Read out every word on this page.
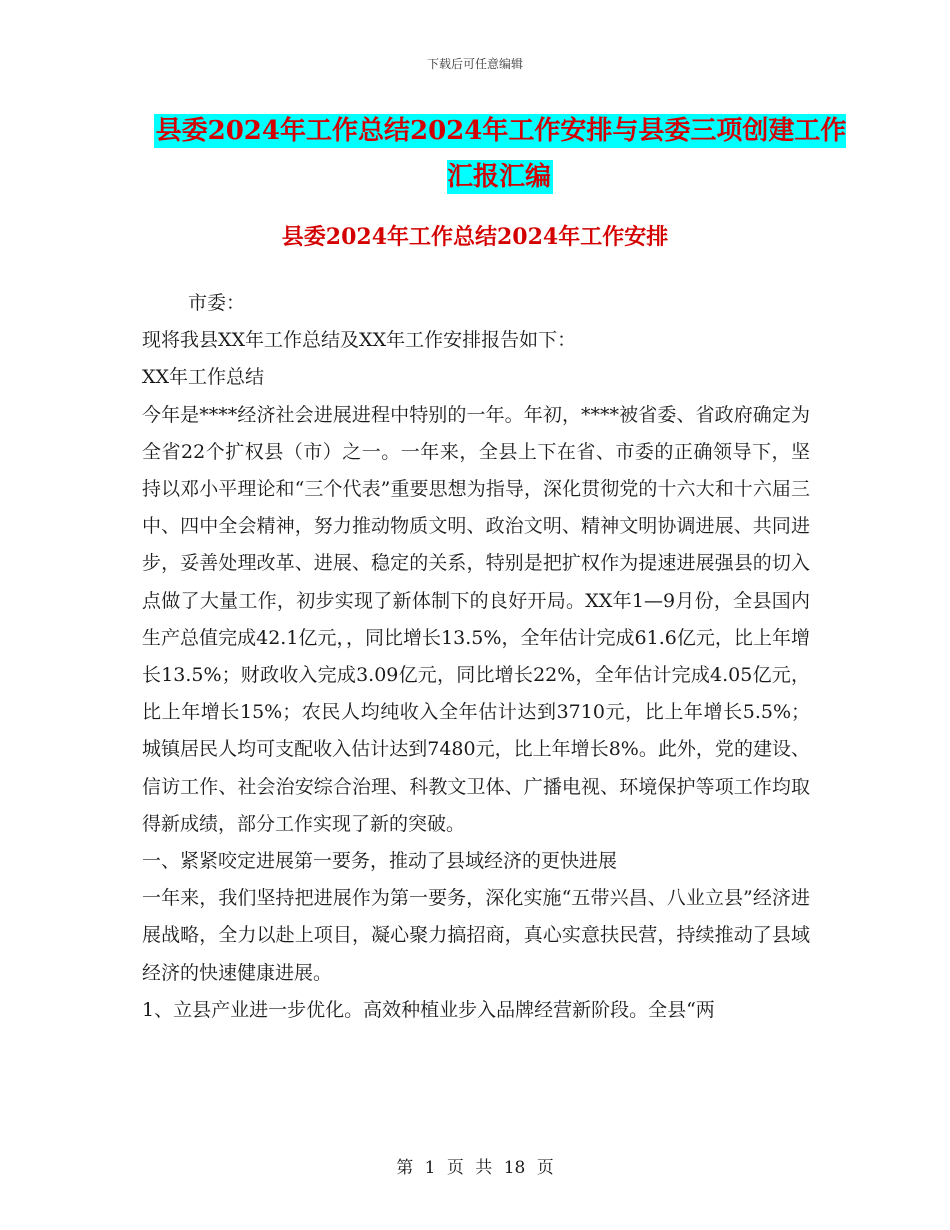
下载后可任意编辑

县委2024年工作总结2024年工作安排与县委三项创建工作汇报汇编
县委2024年工作总结2024年工作安排

市委：

现将我县XX年工作总结及XX年工作安排报告如下：

XX年工作总结

今年是****经济社会进展进程中特别的一年。年初，****被省委、省政府确定为全省22个扩权县（市）之一。一年来，全县上下在省、市委的正确领导下，坚持以邓小平理论和“三个代表”重要思想为指导，深化贯彻党的十六大和十六届三中、四中全会精神，努力推动物质文明、政治文明、精神文明协调进展、共同进步，妥善处理改革、进展、稳定的关系，特别是把扩权作为提速进展强县的切入点做了大量工作，初步实现了新体制下的良好开局。XX年1—9月份，全县国内生产总值完成42.1亿元，，同比增长13.5%，全年估计完成61.6亿元，比上年增长13.5%；财政收入完成3.09亿元，同比增长22%，全年估计完成4.05亿元，比上年增长15%；农民人均纯收入全年估计达到3710元，比上年增长5.5%；城镇居民人均可支配收入估计达到7480元，比上年增长8%。此外，党的建设、信访工作、社会治安综合治理、科教文卫体、广播电视、环境保护等项工作均取得新成绩，部分工作实现了新的突破。

一、紧紧咬定进展第一要务，推动了县域经济的更快进展

一年来，我们坚持把进展作为第一要务，深化实施“五带兴昌、八业立县”经济进展战略，全力以赴上项目，凝心聚力搞招商，真心实意扶民营，持续推动了县域经济的快速健康进展。

1、立县产业进一步优化。高效种植业步入品牌经营新阶段。全县“两

第 1 页 共 18 页
